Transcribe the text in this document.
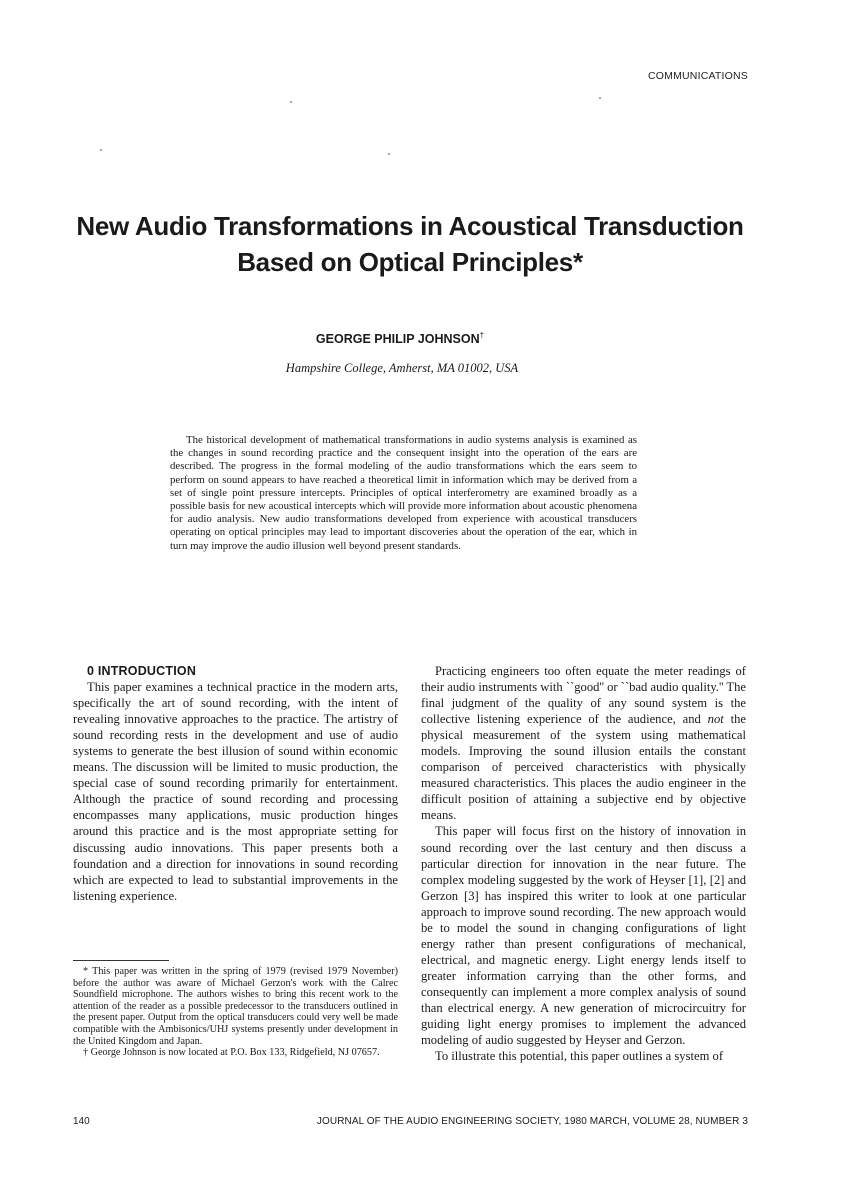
COMMUNICATIONS
New Audio Transformations in Acoustical Transduction
Based on Optical Principles*
GEORGE PHILIP JOHNSON†
Hampshire College, Amherst, MA 01002, USA
The historical development of mathematical transformations in audio systems analysis is examined as the changes in sound recording practice and the consequent insight into the operation of the ears are described. The progress in the formal modeling of the audio transformations which the ears seem to perform on sound appears to have reached a theoretical limit in information which may be derived from a set of single point pressure intercepts. Principles of optical interferometry are examined broadly as a possible basis for new acoustical intercepts which will provide more information about acoustic phenomena for audio analysis. New audio transformations developed from experience with acoustical transducers operating on optical principles may lead to important discoveries about the operation of the ear, which in turn may improve the audio illusion well beyond present standards.

0 INTRODUCTION

This paper examines a technical practice in the modern arts, specifically the art of sound recording, with the intent of revealing innovative approaches to the practice. The artistry of sound recording rests in the development and use of audio systems to generate the best illusion of sound within economic means. The discussion will be limited to music production, the special case of sound recording primarily for entertainment. Although the practice of sound recording and processing encompasses many applications, music production hinges around this practice and is the most appropriate setting for discussing audio innovations. This paper presents both a foundation and a direction for innovations in sound recording which are expected to lead to substantial improvements in the listening experience.

Practicing engineers too often equate the meter readings of their audio instruments with ``good'' or ``bad audio quality.'' The final judgment of the quality of any sound system is the collective listening experience of the audience, and not the physical measurement of the system using mathematical models. Improving the sound illusion entails the constant comparison of perceived characteristics with physically measured characteristics. This places the audio engineer in the difficult position of attaining a subjective end by objective means.

This paper will focus first on the history of innovation in sound recording over the last century and then discuss a particular direction for innovation in the near future. The complex modeling suggested by the work of Heyser [1], [2] and Gerzon [3] has inspired this writer to look at one particular approach to improve sound recording. The new approach would be to model the sound in changing configurations of light energy rather than present configurations of mechanical, electrical, and magnetic energy. Light energy lends itself to greater information carrying than the other forms, and consequently can implement a more complex analysis of sound than electrical energy. A new generation of microcircuitry for guiding light energy promises to implement the advanced modeling of audio suggested by Heyser and Gerzon.

To illustrate this potential, this paper outlines a system of

* This paper was written in the spring of 1979 (revised 1979 November) before the author was aware of Michael Gerzon's work with the Calrec Soundfield microphone. The authors wishes to bring this recent work to the attention of the reader as a possible predecessor to the transducers outlined in the present paper. Output from the optical transducers could very well be made compatible with the Ambisonics/UHJ systems presently under development in the United Kingdom and Japan.

† George Johnson is now located at P.O. Box 133, Ridgefield, NJ 07657.

140	JOURNAL OF THE AUDIO ENGINEERING SOCIETY, 1980 MARCH, VOLUME 28, NUMBER 3
